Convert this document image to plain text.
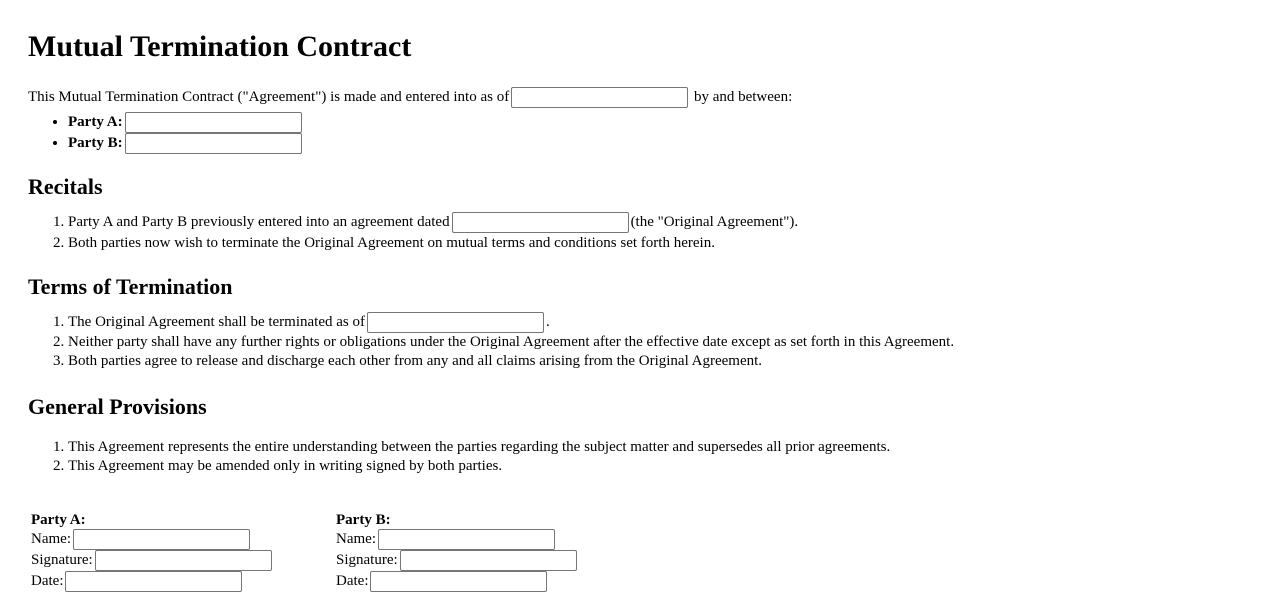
Mutual Termination Contract

This Mutual Termination Contract ("Agreement") is made and entered into as of	by and between:

• Party A:
• Party B:
Recitals
1. Party A and Party B previously entered into an agreement dated	(the "Original Agreement").
2. Both parties now wish to terminate the Original Agreement on mutual terms and conditions set forth herein.
Terms of Termination
1. The Original Agreement shall be terminated as of	.
2. Neither party shall have any further rights or obligations under the Original Agreement after the effective date except as set forth in this Agreement.
3. Both parties agree to release and discharge each other from any and all claims arising from the Original Agreement.
General Provisions
1. This Agreement represents the entire understanding between the parties regarding the subject matter and supersedes all prior agreements.
2. This Agreement may be amended only in writing signed by both parties.
Party A:
Name:
Signature:
Date:
Party B:
Name:
Signature:
Date:
